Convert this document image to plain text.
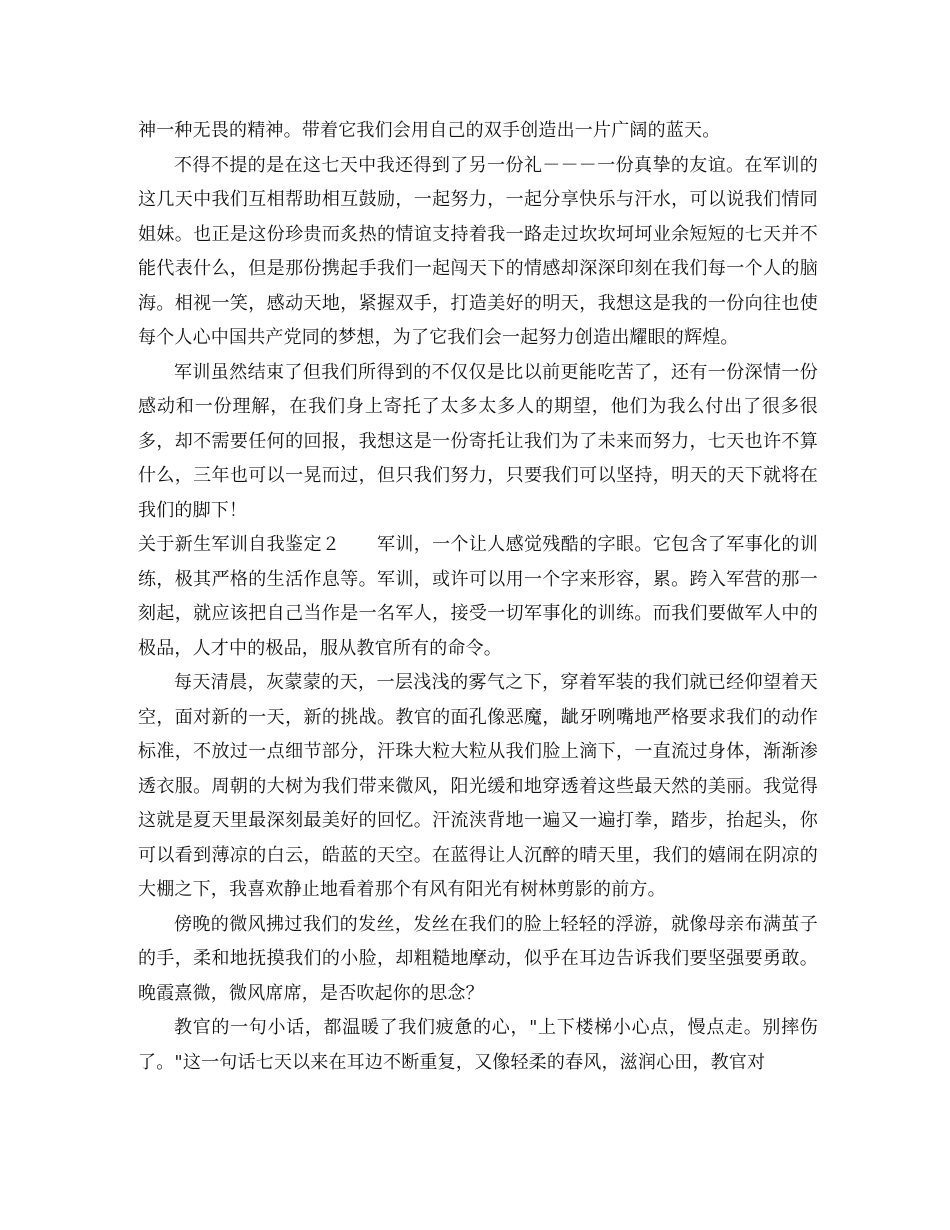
神一种无畏的精神。带着它我们会用自己的双手创造出一片广阔的蓝天。

不得不提的是在这七天中我还得到了另一份礼－－－一份真挚的友谊。在军训的这几天中我们互相帮助相互鼓励，一起努力，一起分享快乐与汗水，可以说我们情同姐妹。也正是这份珍贵而炙热的情谊支持着我一路走过坎坎坷坷业余短短的七天并不能代表什么，但是那份携起手我们一起闯天下的情感却深深印刻在我们每一个人的脑海。相视一笑，感动天地，紧握双手，打造美好的明天，我想这是我的一份向往也使每个人心中国共产党同的梦想，为了它我们会一起努力创造出耀眼的辉煌。

军训虽然结束了但我们所得到的不仅仅是比以前更能吃苦了，还有一份深情一份感动和一份理解，在我们身上寄托了太多太多人的期望，他们为我么付出了很多很多，却不需要任何的回报，我想这是一份寄托让我们为了未来而努力，七天也许不算什么，三年也可以一晃而过，但只我们努力，只要我们可以坚持，明天的天下就将在我们的脚下！

关于新生军训自我鉴定２　　 军训，一个让人感觉残酷的字眼。它包含了军事化的训练，极其严格的生活作息等。军训，或许可以用一个字来形容，累。跨入军营的那一刻起，就应该把自己当作是一名军人，接受一切军事化的训练。而我们要做军人中的极品，人才中的极品，服从教官所有的命令。

每天清晨，灰蒙蒙的天，一层浅浅的雾气之下，穿着军装的我们就已经仰望着天空，面对新的一天，新的挑战。教官的面孔像恶魔，龇牙咧嘴地严格要求我们的动作标准，不放过一点细节部分，汗珠大粒大粒从我们脸上滴下，一直流过身体，渐渐渗透衣服。周朝的大树为我们带来微风，阳光缓和地穿透着这些最天然的美丽。我觉得这就是夏天里最深刻最美好的回忆。汗流浃背地一遍又一遍打拳，踏步，抬起头，你可以看到薄凉的白云，皓蓝的天空。在蓝得让人沉醉的晴天里，我们的嬉闹在阴凉的大棚之下，我喜欢静止地看着那个有风有阳光有树林剪影的前方。

傍晚的微风拂过我们的发丝，发丝在我们的脸上轻轻的浮游，就像母亲布满茧子的手，柔和地抚摸我们的小脸，却粗糙地摩动，似乎在耳边告诉我们要坚强要勇敢。晚霞熹微，微风席席，是否吹起你的思念？

教官的一句小话，都温暖了我们疲惫的心，"上下楼梯小心点，慢点走。别摔伤了。"这一句话七天以来在耳边不断重复，又像轻柔的春风，滋润心田，教官对
